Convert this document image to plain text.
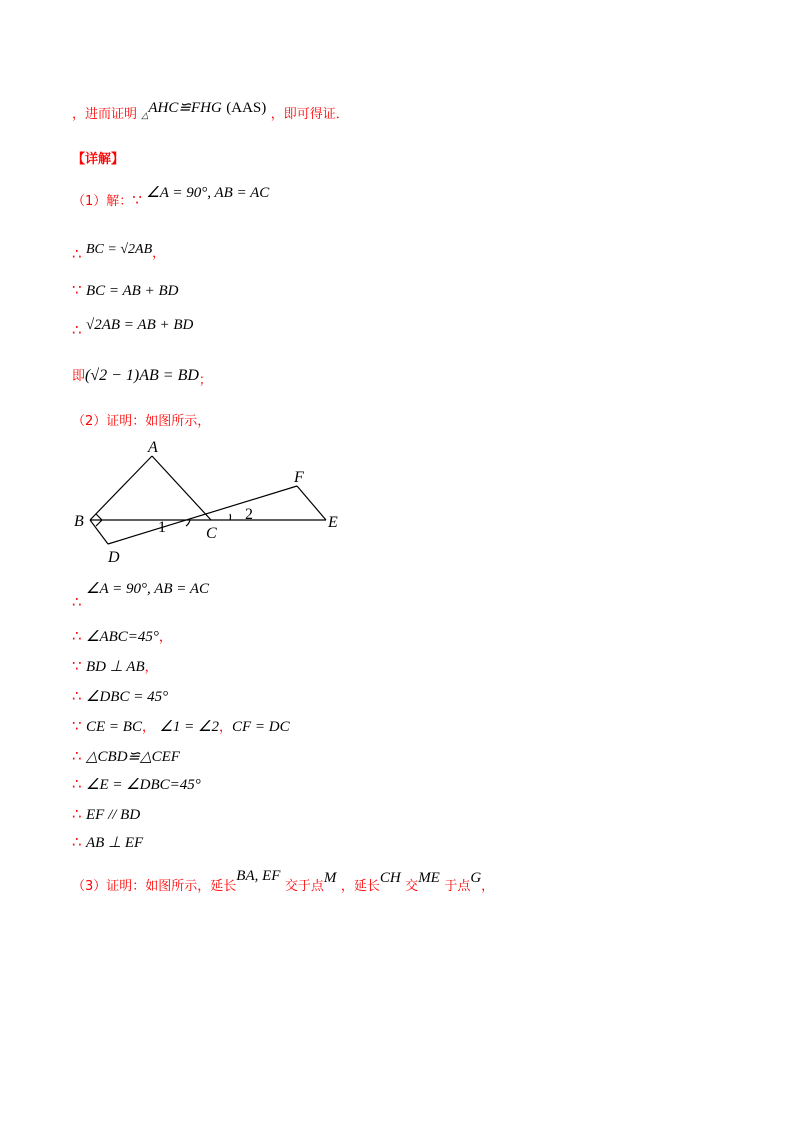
，进而证明 △AHC≌FHG (AAS) ，即可得证．
【详解】
（1）解：∵ ∠A = 90°, AB = AC
∴ BC = √2AB，
∵ BC = AB + BD
∴ √2AB = AB + BD
即(√2 − 1)AB = BD；
（2）证明：如图所示，
A
B
C
D
E
F
1
2
∴ ∠A = 90°, AB = AC
∴ ∠ABC=45°，
∵ BD ⊥ AB，
∴ ∠DBC = 45°
∵ CE = BC， ∠1 = ∠2，CF = DC
∴ △CBD≌△CEF
∴ ∠E = ∠DBC=45°
∴ EF // BD
∴ AB ⊥ EF
（3）证明：如图所示，延长BA, EF 交于点M ，延长CH 交ME 于点G，
